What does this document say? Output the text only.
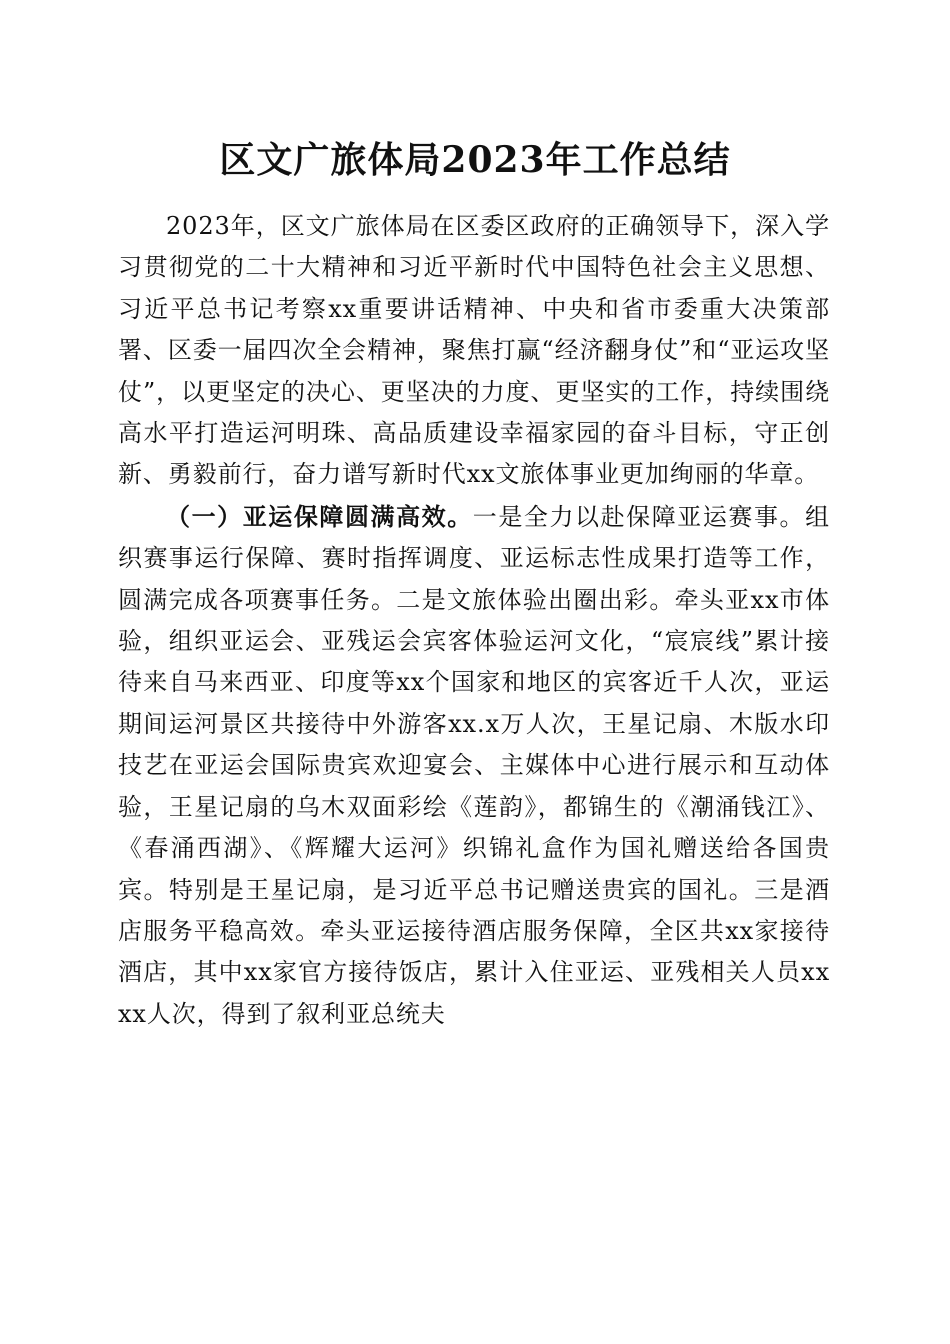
区文广旅体局2023年工作总结

2023年，区文广旅体局在区委区政府的正确领导下，深入学习贯彻党的二十大精神和习近平新时代中国特色社会主义思想、习近平总书记考察xx重要讲话精神、中央和省市委重大决策部署、区委一届四次全会精神，聚焦打赢“经济翻身仗”和“亚运攻坚仗”，以更坚定的决心、更坚决的力度、更坚实的工作，持续围绕高水平打造运河明珠、高品质建设幸福家园的奋斗目标，守正创新、勇毅前行，奋力谱写新时代xx文旅体事业更加绚丽的华章。

（一）亚运保障圆满高效。一是全力以赴保障亚运赛事。组织赛事运行保障、赛时指挥调度、亚运标志性成果打造等工作，圆满完成各项赛事任务。二是文旅体验出圈出彩。牵头亚xx市体验，组织亚运会、亚残运会宾客体验运河文化，“宸宸线”累计接待来自马来西亚、印度等xx个国家和地区的宾客近千人次，亚运期间运河景区共接待中外游客xx.x万人次，王星记扇、木版水印技艺在亚运会国际贵宾欢迎宴会、主媒体中心进行展示和互动体验，王星记扇的乌木双面彩绘《莲韵》，都锦生的《潮涌钱江》、《春涌西湖》、《辉耀大运河》织锦礼盒作为国礼赠送给各国贵宾。特别是王星记扇，是习近平总书记赠送贵宾的国礼。三是酒店服务平稳高效。牵头亚运接待酒店服务保障，全区共xx家接待酒店，其中xx家官方接待饭店，累计入住亚运、亚残相关人员xxxx人次，得到了叙利亚总统夫
